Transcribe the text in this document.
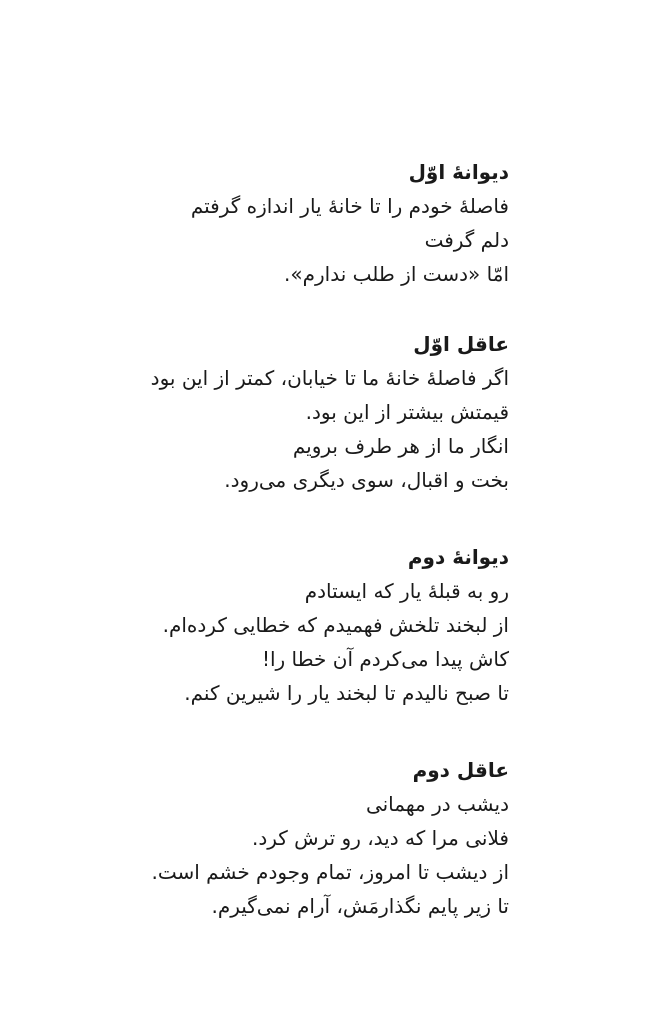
دیوانهٔ اوّل

فاصلهٔ خودم را تا خانهٔ یار اندازه گرفتم

دلم گرفت

امّا «دست از طلب ندارم».

عاقل اوّل

اگر فاصلهٔ خانهٔ ما تا خیابان، کمتر از این بود

قیمتش بیشتر از این بود.

انگار ما از هر طرف برویم

بخت و اقبال، سوی دیگری می‌رود.

دیوانهٔ دوم

رو به قبلهٔ یار که ایستادم

از لبخند تلخش فهمیدم که خطایی کرده‌ام.

کاش پیدا می‌کردم آن خطا را!

تا صبح نالیدم تا لبخند یار را شیرین کنم.

عاقل دوم

دیشب در مهمانی

فلانی مرا که دید، رو ترش کرد.

از دیشب تا امروز، تمام وجودم خشم است.

تا زیر پایم نگذارمَش، آرام نمی‌گیرم.
